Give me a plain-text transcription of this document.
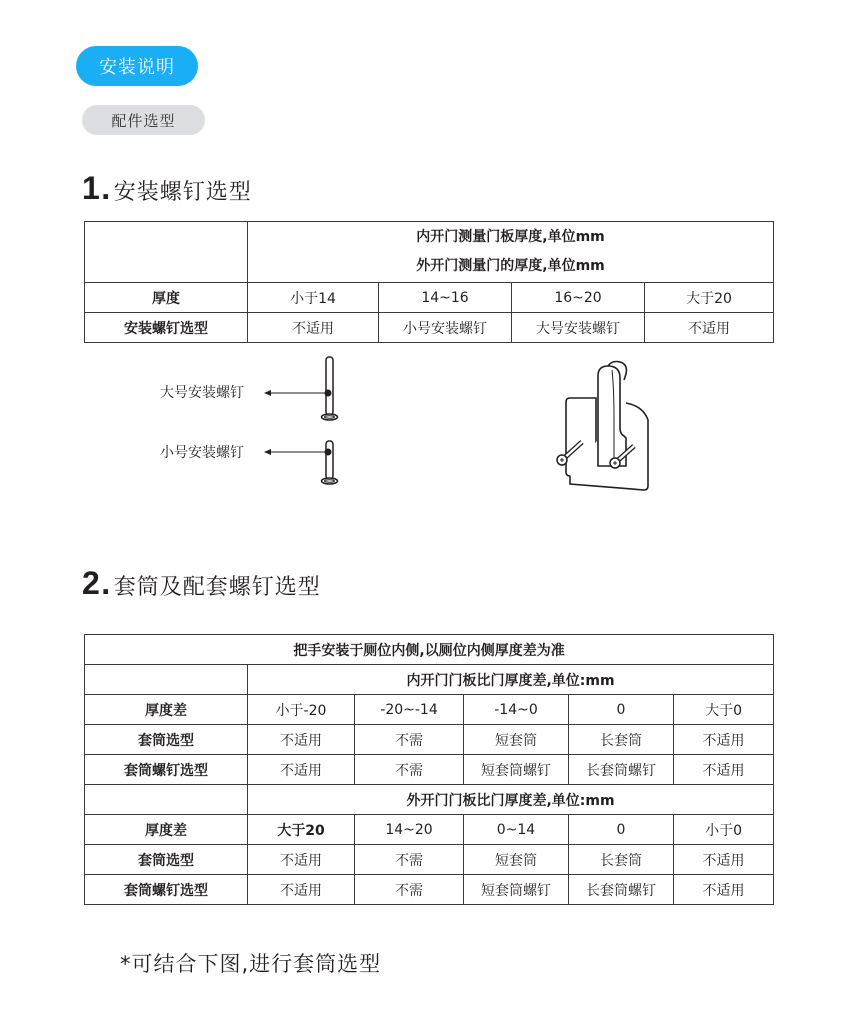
安装说明
配件选型
1 . 安装螺钉选型

	内开门测量门板厚度,单位mm
外开门测量门的厚度,单位mm			

厚度	小于14	14~16	16~20	大于20
安装螺钉选型	不适用	小号安装螺钉	大号安装螺钉	不适用
大号安装螺钉
小号安装螺钉
2 . 套筒及配套螺钉选型
把手安装于厕位内侧,以厕位内侧厚度差为准					
	内开门门板比门厚度差,单位:mm				
厚度差	小于-20	-20~-14	-14~0	0	大于0
套筒选型	不适用	不需	短套筒	长套筒	不适用
套筒螺钉选型	不适用	不需	短套筒螺钉	长套筒螺钉	不适用
	外开门门板比门厚度差,单位:mm				
厚度差	大于20	14~20	0~14	0	小于0
套筒选型	不适用	不需	短套筒	长套筒	不适用
套筒螺钉选型	不适用	不需	短套筒螺钉	长套筒螺钉	不适用
*可结合下图,进行套筒选型
